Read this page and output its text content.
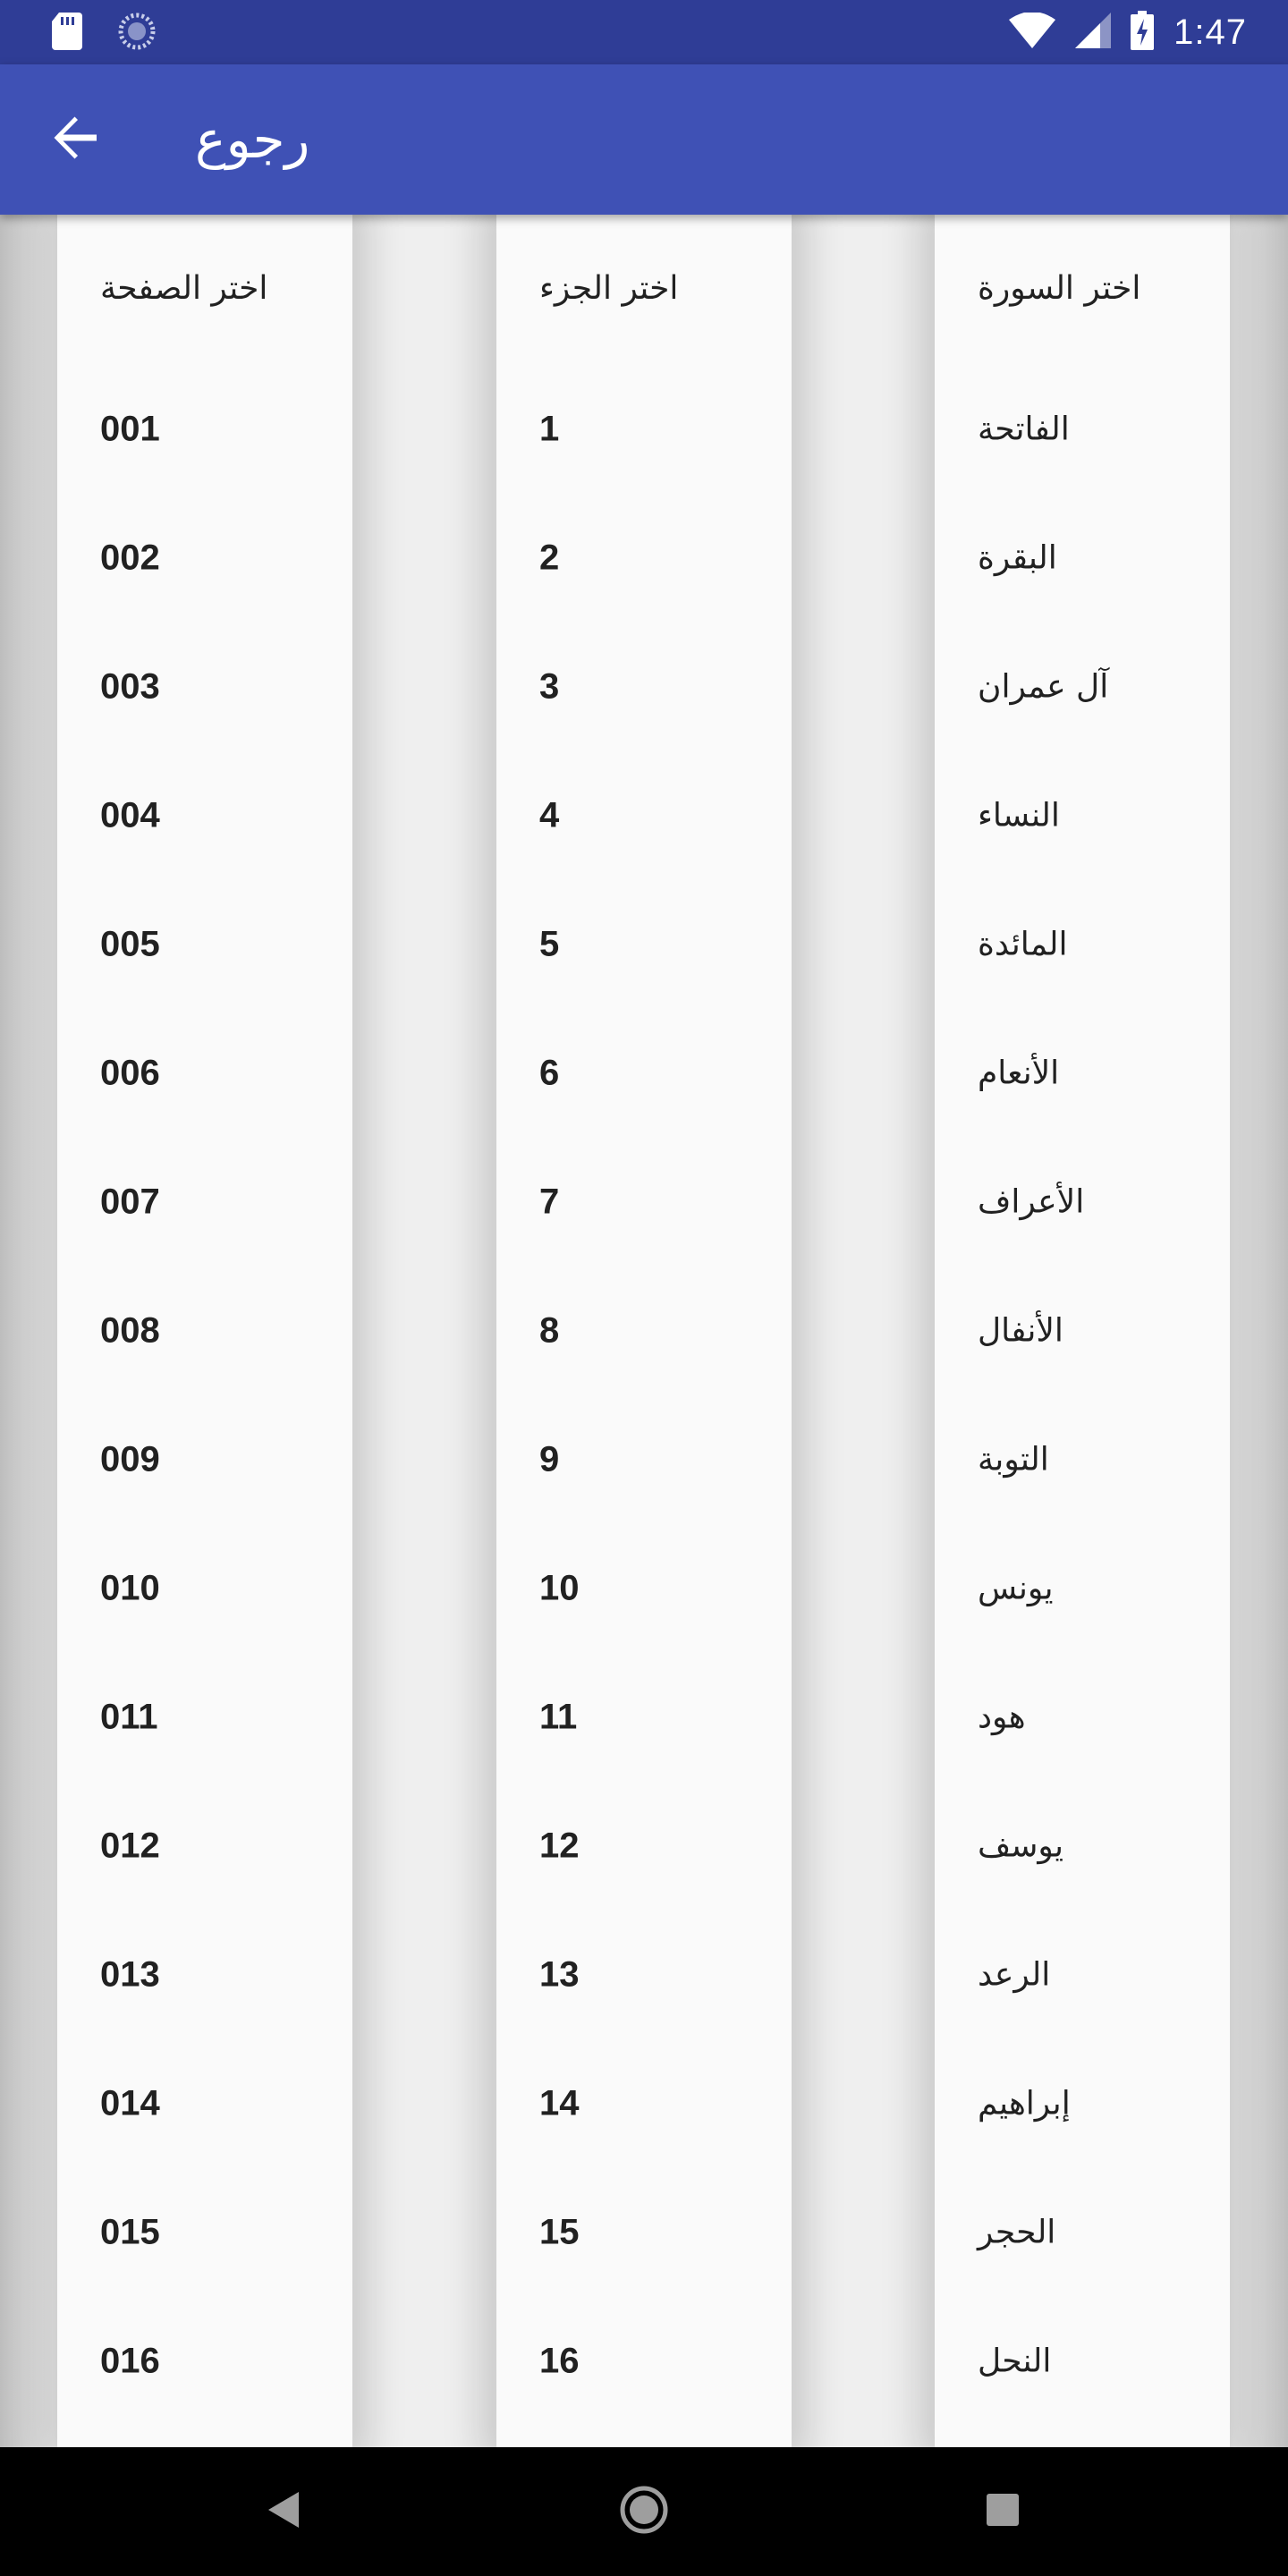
1:47
رجوع
اختر الصفحة
001
002
003
004
005
006
007
008
009
010
011
012
013
014
015
016
اختر الجزء
1
2
3
4
5
6
7
8
9
10
11
12
13
14
15
16
اختر السورة
الفاتحة
البقرة
آل عمران
النساء
المائدة
الأنعام
الأعراف
الأنفال
التوبة
يونس
هود
يوسف
الرعد
إبراهيم
الحجر
النحل
